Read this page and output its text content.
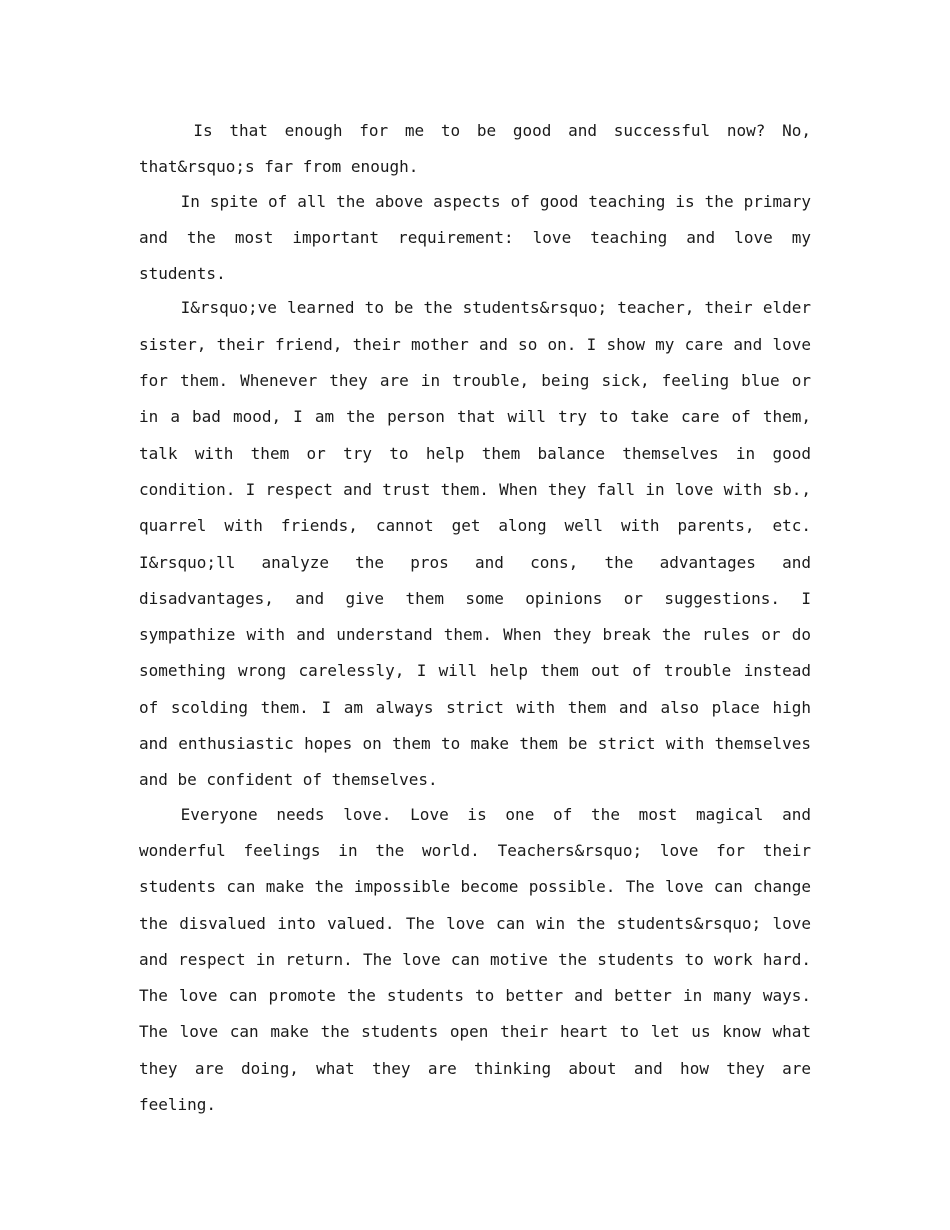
Is that enough for me to be good and successful now? No, that&rsquo;s far from enough.

In spite of all the above aspects of good teaching is the primary and the most important requirement: love teaching and love my students.

I&rsquo;ve learned to be the students&rsquo; teacher, their elder sister, their friend, their mother and so on. I show my care and love for them. Whenever they are in trouble, being sick, feeling blue or in a bad mood, I am the person that will try to take care of them, talk with them or try to help them balance themselves in good condition. I respect and trust them. When they fall in love with sb., quarrel with friends, cannot get along well with parents, etc. I&rsquo;ll analyze the pros and cons, the advantages and disadvantages, and give them some opinions or suggestions. I sympathize with and understand them. When they break the rules or do something wrong carelessly, I will help them out of trouble instead of scolding them. I am always strict with them and also place high and enthusiastic hopes on them to make them be strict with themselves and be confident of themselves.

Everyone needs love. Love is one of the most magical and wonderful feelings in the world. Teachers&rsquo; love for their students can make the impossible become possible. The love can change the disvalued into valued. The love can win the students&rsquo; love and respect in return. The love can motive the students to work hard. The love can promote the students to better and better in many ways. The love can make the students open their heart to let us know what they are doing, what they are thinking about and how they are feeling.
